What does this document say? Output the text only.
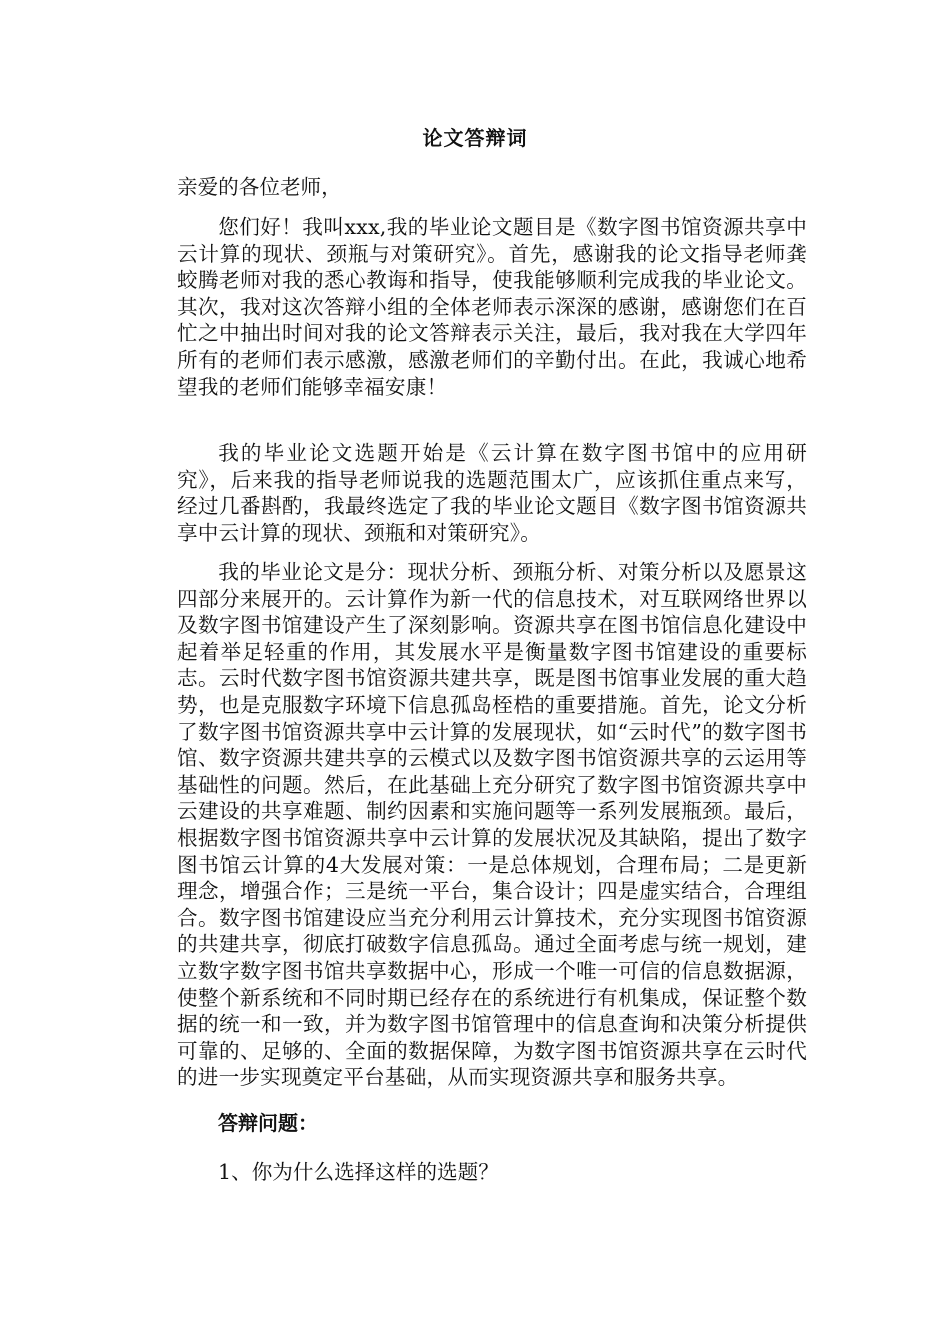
论文答辩词
亲爱的各位老师，

您们好！我叫xxx,我的毕业论文题目是《数字图书馆资源共享中云计算的现状、颈瓶与对策研究》。首先，感谢我的论文指导老师龚蛟腾老师对我的悉心教诲和指导，使我能够顺利完成我的毕业论文。其次，我对这次答辩小组的全体老师表示深深的感谢，感谢您们在百忙之中抽出时间对我的论文答辩表示关注，最后，我对我在大学四年所有的老师们表示感激，感激老师们的辛勤付出。在此，我诚心地希望我的老师们能够幸福安康！

我的毕业论文选题开始是《云计算在数字图书馆中的应用研究》，后来我的指导老师说我的选题范围太广，应该抓住重点来写，经过几番斟酌，我最终选定了我的毕业论文题目《数字图书馆资源共享中云计算的现状、颈瓶和对策研究》。

我的毕业论文是分：现状分析、颈瓶分析、对策分析以及愿景这四部分来展开的。云计算作为新一代的信息技术，对互联网络世界以及数字图书馆建设产生了深刻影响。资源共享在图书馆信息化建设中起着举足轻重的作用，其发展水平是衡量数字图书馆建设的重要标志。云时代数字图书馆资源共建共享，既是图书馆事业发展的重大趋势，也是克服数字环境下信息孤岛桎梏的重要措施。首先，论文分析了数字图书馆资源共享中云计算的发展现状，如“云时代”的数字图书馆、数字资源共建共享的云模式以及数字图书馆资源共享的云运用等基础性的问题。然后，在此基础上充分研究了数字图书馆资源共享中云建设的共享难题、制约因素和实施问题等一系列发展瓶颈。最后，根据数字图书馆资源共享中云计算的发展状况及其缺陷，提出了数字图书馆云计算的4大发展对策：一是总体规划，合理布局；二是更新理念，增强合作；三是统一平台，集合设计；四是虚实结合，合理组合。数字图书馆建设应当充分利用云计算技术，充分实现图书馆资源的共建共享，彻底打破数字信息孤岛。通过全面考虑与统一规划，建立数字数字图书馆共享数据中心，形成一个唯一可信的信息数据源，使整个新系统和不同时期已经存在的系统进行有机集成，保证整个数据的统一和一致，并为数字图书馆管理中的信息查询和决策分析提供可靠的、足够的、全面的数据保障，为数字图书馆资源共享在云时代的进一步实现奠定平台基础，从而实现资源共享和服务共享。

答辩问题：
1、你为什么选择这样的选题？
